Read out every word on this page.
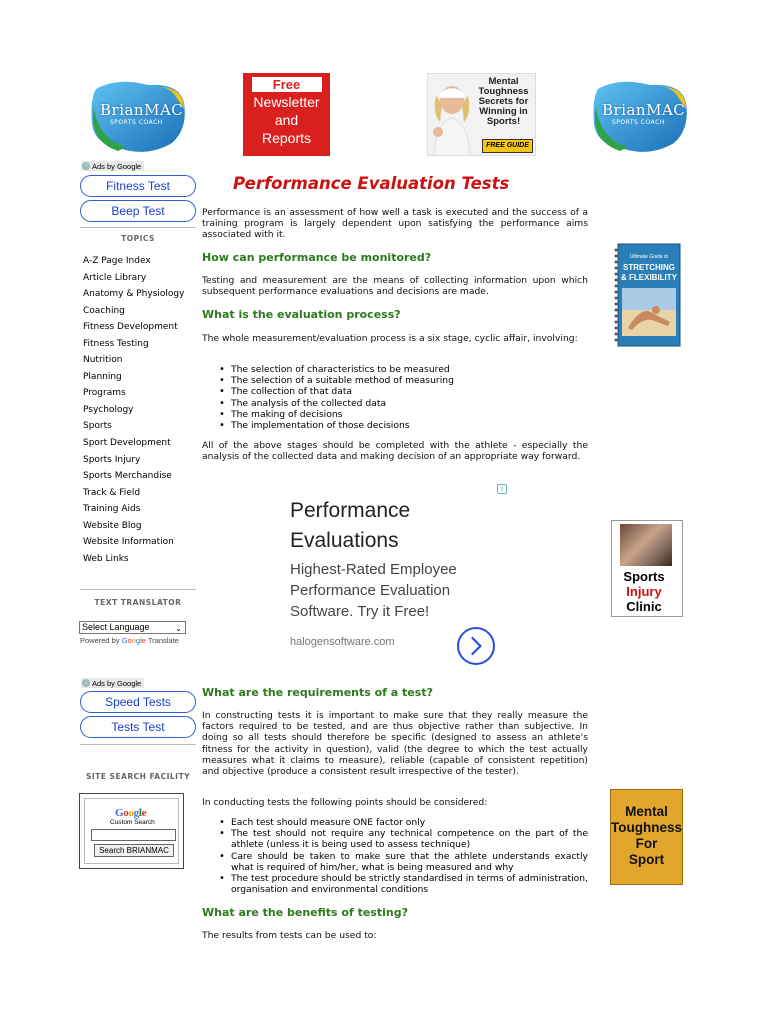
BrianMAC
SPORTS COACH
Free
Newsletter
and
Reports
Mental Toughness Secrets for Winning in Sports!
FREE GUIDE
BrianMAC
SPORTS COACH
i Ads by Google
Fitness Test
Beep Test
TOPICS
A-Z Page Index
Article Library
Anatomy & Physiology
Coaching
Fitness Development
Fitness Testing
Nutrition
Planning
Programs
Psychology
Sports
Sport Development
Sports Injury
Sports Merchandise
Track & Field
Training Aids
Website Blog
Website Information
Web Links
TEXT TRANSLATOR
Select Language	⌄
Powered by Google Translate
i Ads by Google
Speed Tests
Tests Test
SITE SEARCH FACILITY
Google
Custom Search
Search BRIANMAC
Performance Evaluation Tests

Performance is an assessment of how well a task is executed and the success of a training program is largely dependent upon satisfying the performance aims associated with it.

How can performance be monitored?

Testing and measurement are the means of collecting information upon which subsequent performance evaluations and decisions are made.

What is the evaluation process?

The whole measurement/evaluation process is a six stage, cyclic affair, involving:

• The selection of characteristics to be measured
• The selection of a suitable method of measuring
• The collection of that data
• The analysis of the collected data
• The making of decisions
• The implementation of those decisions

All of the above stages should be completed with the athlete - especially the analysis of the collected data and making decision of an appropriate way forward.

i
Performance
Evaluations
Highest-Rated Employee Performance Evaluation Software. Try it Free!
halogensoftware.com
What are the requirements of a test?

In constructing tests it is important to make sure that they really measure the factors required to be tested, and are thus objective rather than subjective. In doing so all tests should therefore be specific (designed to assess an athlete's fitness for the activity in question), valid (the degree to which the test actually measures what it claims to measure), reliable (capable of consistent repetition) and objective (produce a consistent result irrespective of the tester).

In conducting tests the following points should be considered:

• Each test should measure ONE factor only
• The test should not require any technical competence on the part of the athlete (unless it is being used to assess technique)
• Care should be taken to make sure that the athlete understands exactly what is required of him/her, what is being measured and why
• The test procedure should be strictly standardised in terms of administration, organisation and environmental conditions
What are the benefits of testing?

The results from tests can be used to:

Ultimate Guide to
STRETCHING
& FLEXIBILITY
Sports
Injury
Clinic
Mental
Toughness
For
Sport
